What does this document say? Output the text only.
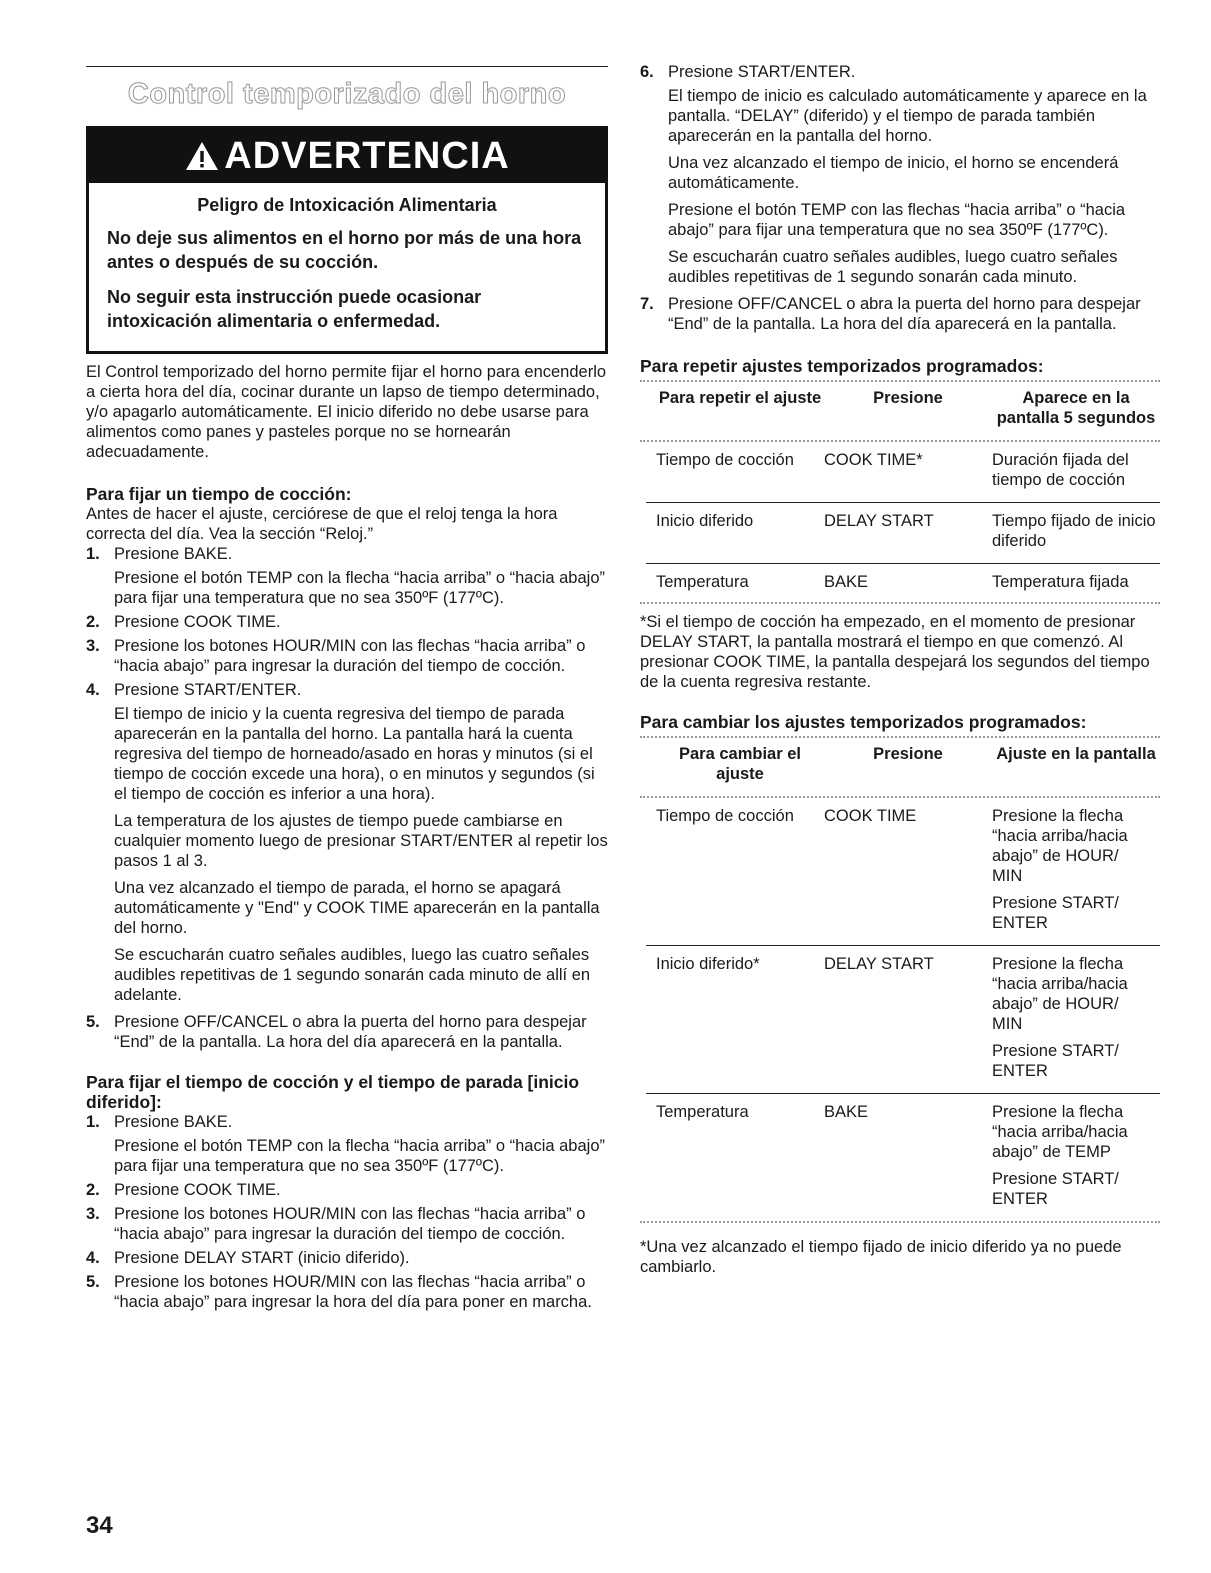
Control temporizado del horno
ADVERTENCIA
Peligro de Intoxicación Alimentaria
No deje sus alimentos en el horno por más de una hora antes o después de su cocción.
No seguir esta instrucción puede ocasionar intoxicación alimentaria o enfermedad.

El Control temporizado del horno permite fijar el horno para encenderlo a cierta hora del día, cocinar durante un lapso de tiempo determinado, y/o apagarlo automáticamente. El inicio diferido no debe usarse para alimentos como panes y pasteles porque no se hornearán adecuadamente.

Para fijar un tiempo de cocción:

Antes de hacer el ajuste, cerciórese de que el reloj tenga la hora correcta del día. Vea la sección “Reloj.”

1. Presione BAKE.

Presione el botón TEMP con la flecha “hacia arriba” o “hacia abajo” para fijar una temperatura que no sea 350ºF (177ºC).

2. Presione COOK TIME.
3. Presione los botones HOUR/MIN con las flechas “hacia arriba” o “hacia abajo” para ingresar la duración del tiempo de cocción.
4. Presione START/ENTER.

El tiempo de inicio y la cuenta regresiva del tiempo de parada aparecerán en la pantalla del horno. La pantalla hará la cuenta regresiva del tiempo de horneado/asado en horas y minutos (si el tiempo de cocción excede una hora), o en minutos y segundos (si el tiempo de cocción es inferior a una hora).

La temperatura de los ajustes de tiempo puede cambiarse en cualquier momento luego de presionar START/ENTER al repetir los pasos 1 al 3.

Una vez alcanzado el tiempo de parada, el horno se apagará automáticamente y "End" y COOK TIME aparecerán en la pantalla del horno.

Se escucharán cuatro señales audibles, luego las cuatro señales audibles repetitivas de 1 segundo sonarán cada minuto de allí en adelante.

5. Presione OFF/CANCEL o abra la puerta del horno para despejar “End” de la pantalla. La hora del día aparecerá en la pantalla.

Para fijar el tiempo de cocción y el tiempo de parada [inicio diferido]:

1. Presione BAKE.

Presione el botón TEMP con la flecha “hacia arriba” o “hacia abajo” para fijar una temperatura que no sea 350ºF (177ºC).

2. Presione COOK TIME.
3. Presione los botones HOUR/MIN con las flechas “hacia arriba” o “hacia abajo” para ingresar la duración del tiempo de cocción.
4. Presione DELAY START (inicio diferido).
5. Presione los botones HOUR/MIN con las flechas “hacia arriba” o “hacia abajo” para ingresar la hora del día para poner en marcha.
6. Presione START/ENTER.

El tiempo de inicio es calculado automáticamente y aparece en la pantalla. “DELAY” (diferido) y el tiempo de parada también aparecerán en la pantalla del horno.

Una vez alcanzado el tiempo de inicio, el horno se encenderá automáticamente.

Presione el botón TEMP con las flechas “hacia arriba” o “hacia abajo” para fijar una temperatura que no sea 350ºF (177ºC).

Se escucharán cuatro señales audibles, luego cuatro señales audibles repetitivas de 1 segundo sonarán cada minuto.

7. Presione OFF/CANCEL o abra la puerta del horno para despejar “End” de la pantalla. La hora del día aparecerá en la pantalla.

Para repetir ajustes temporizados programados:

Para repetir el ajuste	Presione	Aparece en la pantalla 5 segundos

Tiempo de cocción	COOK TIME*	Duración fijada del tiempo de cocción
Inicio diferido	DELAY START	Tiempo fijado de inicio diferido
Temperatura	BAKE	Temperatura fijada

*Si el tiempo de cocción ha empezado, en el momento de presionar DELAY START, la pantalla mostrará el tiempo en que comenzó. Al presionar COOK TIME, la pantalla despejará los segundos del tiempo de la cuenta regresiva restante.

Para cambiar los ajustes temporizados programados:

Para cambiar el ajuste	Presione	Ajuste en la pantalla

Tiempo de cocción	COOK TIME	Presione la flecha “hacia arriba/hacia abajo” de HOUR/ MIN
Presione START/ ENTER

Inicio diferido*	DELAY START	Presione la flecha “hacia arriba/hacia abajo” de HOUR/ MIN
Presione START/ ENTER

Temperatura	BAKE	Presione la flecha “hacia arriba/hacia abajo” de TEMP
Presione START/ ENTER

*Una vez alcanzado el tiempo fijado de inicio diferido ya no puede cambiarlo.

34
